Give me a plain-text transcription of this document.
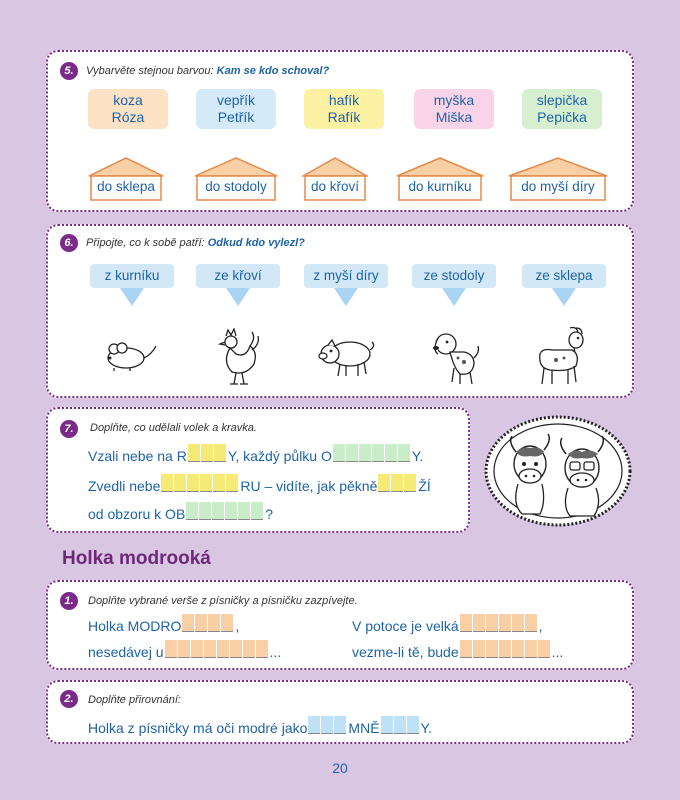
5.	Vybarvěte stejnou barvou: Kam se kdo schoval?
koza
Róza
vepřík
Petřík
hafík
Rafík
myška
Miška
slepička
Pepička
do sklepa	do stodoly	do křoví	do kurníku	do myší díry
6.	Připojte, co k sobě patří: Odkud kdo vylezl?
z kurníku	ze křoví	z myší díry	ze stodoly	ze sklepa
7.	Doplňte, co udělali volek a kravka.
Vzali nebe na R	Y, každý půlku O	Y.
Zvedli nebe	RU – vidíte, jak pěkně	ŽÍ
od obzoru k OB	?
Holka modrooká
1.	Doplňte vybrané verše z písničky a písničku zazpívejte.
Holka MODRO	,
nesedávej u	...
V potoce je velká	,
vezme-li tě, bude	...
2.	Doplňte přirovnání:
Holka z písničky má oči modré jako	MNĚ	Y.
20
